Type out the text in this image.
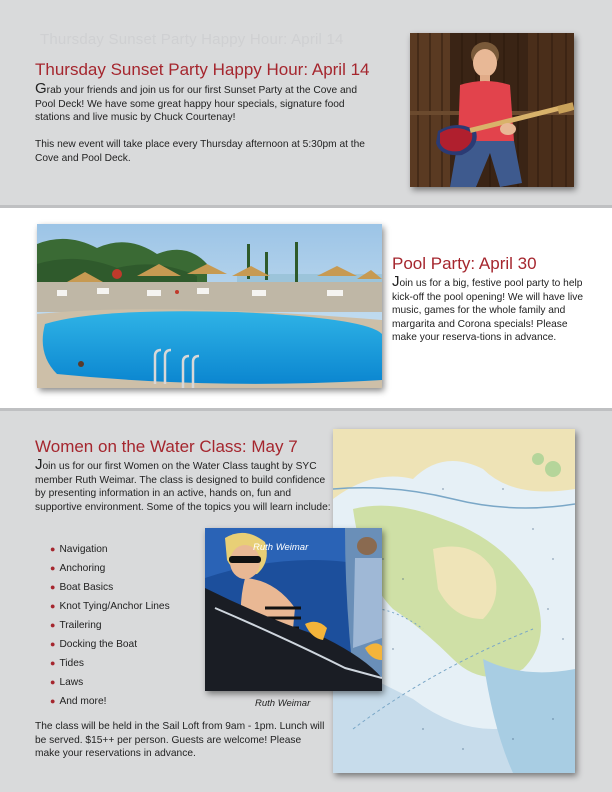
Thursday Sunset Party Happy Hour: April 14
Thursday Sunset Party Happy Hour: April 14
Grab your friends and join us for our first Sunset Party at the Cove and Pool Deck! We have some great happy hour specials, signature food stations and live music by Chuck Courtenay!
This new event will take place every Thursday afternoon at 5:30pm at the Cove and Pool Deck.
Pool Party: April 30
Join us for a big, festive pool party to help kick-off the pool opening! We will have live music, games for the whole family and margarita and Corona specials! Please make your reserva-tions in advance.
Women on the Water Class: May 7
Join us for our first Women on the Water Class taught by SYC member Ruth Weimar. The class is designed to build confidence by presenting information in an active, hands on, fun and supportive environment. Some of the topics you will learn include:
● Navigation
● Anchoring
● Boat Basics
● Knot Tying/Anchor Lines
● Trailering
● Docking the Boat
● Tides
● Laws
● And more!
Ruth Weimar
Ruth Weimar
The class will be held in the Sail Loft from 9am - 1pm. Lunch will be served. $15++ per person. Guests are welcome! Please make your reservations in advance.
